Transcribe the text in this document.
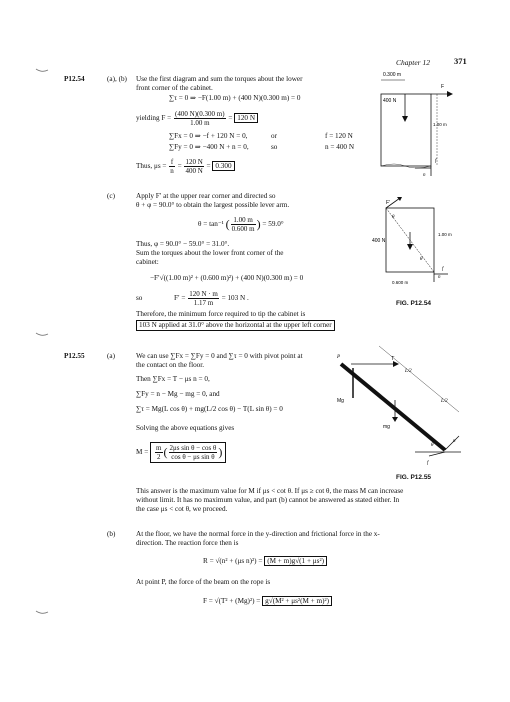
Chapter 12	371
P12.54	(a), (b) Use the first diagram and sum the torques about the lower
front corner of the cabinet.
∑τ = 0 ⇒ −F(1.00 m) + (400 N)(0.300 m) = 0
yielding $F = \frac{(400 N)(0.300 m)}{1.00 m} = 120$ N
∑Fx = 0 ⇒ −f + 120 N = 0,	or	f = 120 N
∑Fy = 0 ⇒ −400 N + n = 0,	so	n = 400 N
Thus, $\mu s = \frac{f}{n} = \frac{120 N}{400 N} = 0.300$
(c)	Apply F′ at the upper rear corner and directed so
θ + φ = 90.0° to obtain the largest possible lever arm.
θ = tan⁻¹ ( $\frac{1.00 m}{0.600 m}$ ) = 59.0°
Thus, φ = 90.0° − 59.0° = 31.0°.
Sum the torques about the lower front corner of the
cabinet:
−F′√((1.00 m)² + (0.600 m)²) + (400 N)(0.300 m) = 0
so	$F' = \frac{120 N \cdot m}{1.17 m} = 103$ N .
Therefore, the minimum force required to tip the cabinet is
103 N applied at 31.0° above the horizontal at the upper left corner
0.300 m
400 N
F
1.00 m
f
n
F′
θ
θ
400 N
1.00 m
0.600 m
n
f
FIG. P12.54
P12.55	(a)	We can use ∑Fx = ∑Fy = 0 and ∑τ = 0 with pivot point at
the contact on the floor.
Then ∑Fx = T − μs n = 0,
∑Fy = n − Mg − mg = 0, and
∑τ = Mg(L cos θ) + mg(L/2 cos θ) − T(L sin θ) = 0
Solving the above equations gives
$M = \frac{m}{2}$ ( $\frac{\text{2μs sin θ − cos θ}}{\text{cos θ − μs sin θ}}$ )
FIG. P12.55
This answer is the maximum value for M if μs < cot θ. If μs ≥ cot θ, the mass M can increase
without limit. It has no maximum value, and part (b) cannot be answered as stated either. In
the case μs < cot θ, we proceed.
(b)	At the floor, we have the normal force in the y-direction and frictional force in the x-
direction. The reaction force then is
R = √(n² + (μs n)²) = (M + m)g√(1 + μs²)
At point P, the force of the beam on the rope is
F = √(T² + (Mg)²) = g√(M² + μs²(M + m)²)
P	T
Mg
mg
L/2
L/2
θ
n
f
